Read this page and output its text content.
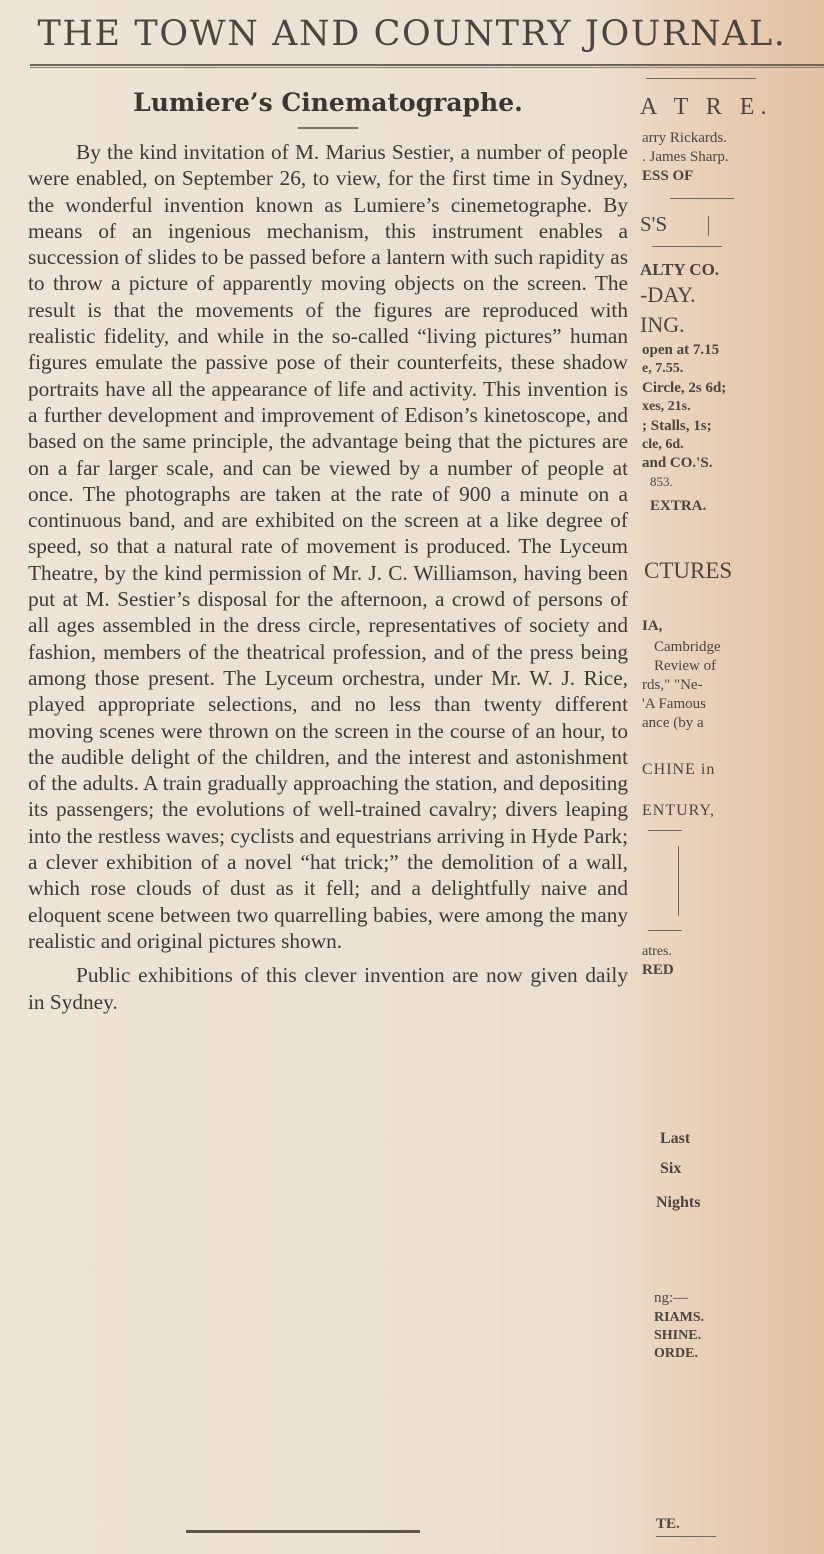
THE TOWN AND COUNTRY JOURNAL.
Lumiere’s Cinematographe.

By the kind invitation of M. Marius Sestier, a number of people were enabled, on September 26, to view, for the first time in Sydney, the wonderful invention known as Lumiere’s cinemetographe. By means of an ingenious mechanism, this instrument enables a succession of slides to be passed before a lantern with such rapidity as to throw a picture of apparently moving objects on the screen. The result is that the movements of the figures are reproduced with realistic fidelity, and while in the so-called “living pictures” human figures emulate the passive pose of their counterfeits, these shadow portraits have all the appearance of life and activity. This invention is a further development and improvement of Edison’s kinetoscope, and based on the same principle, the advantage being that the pictures are on a far larger scale, and can be viewed by a number of people at once. The photographs are taken at the rate of 900 a minute on a continuous band, and are exhibited on the screen at a like degree of speed, so that a natural rate of movement is produced. The Lyceum Theatre, by the kind permission of Mr. J. C. Williamson, having been put at M. Sestier’s disposal for the afternoon, a crowd of persons of all ages assembled in the dress circle, representatives of society and fashion, members of the theatrical profession, and of the press being among those present. The Lyceum orchestra, under Mr. W. J. Rice, played appropriate selections, and no less than twenty different moving scenes were thrown on the screen in the course of an hour, to the audible delight of the children, and the interest and astonishment of the adults. A train gradually approaching the station, and depositing its passengers; the evolutions of well-trained cavalry; divers leaping into the restless waves; cyclists and equestrians arriving in Hyde Park; a clever exhibition of a novel “hat trick;” the demolition of a wall, which rose clouds of dust as it fell; and a delightfully naive and eloquent scene between two quarrelling babies, were among the many realistic and original pictures shown.

Public exhibitions of this clever invention are now given daily in Sydney.

A T R E.
arry Rickards.
. James Sharp.
ESS OF
S'S
ALTY CO.
-DAY.
ING.
open at 7.15
e, 7.55.
Circle, 2s 6d;
xes, 21s.
; Stalls, 1s;
cle, 6d.
and CO.'S.
853.
EXTRA.
CTURES
IA,
Cambridge
Review of
rds," "Ne-
'A Famous
ance (by a
CHINE in
ENTURY,
atres.
RED
Last
Six
Nights
ng:—
RIAMS.
SHINE.
ORDE.
TE.
